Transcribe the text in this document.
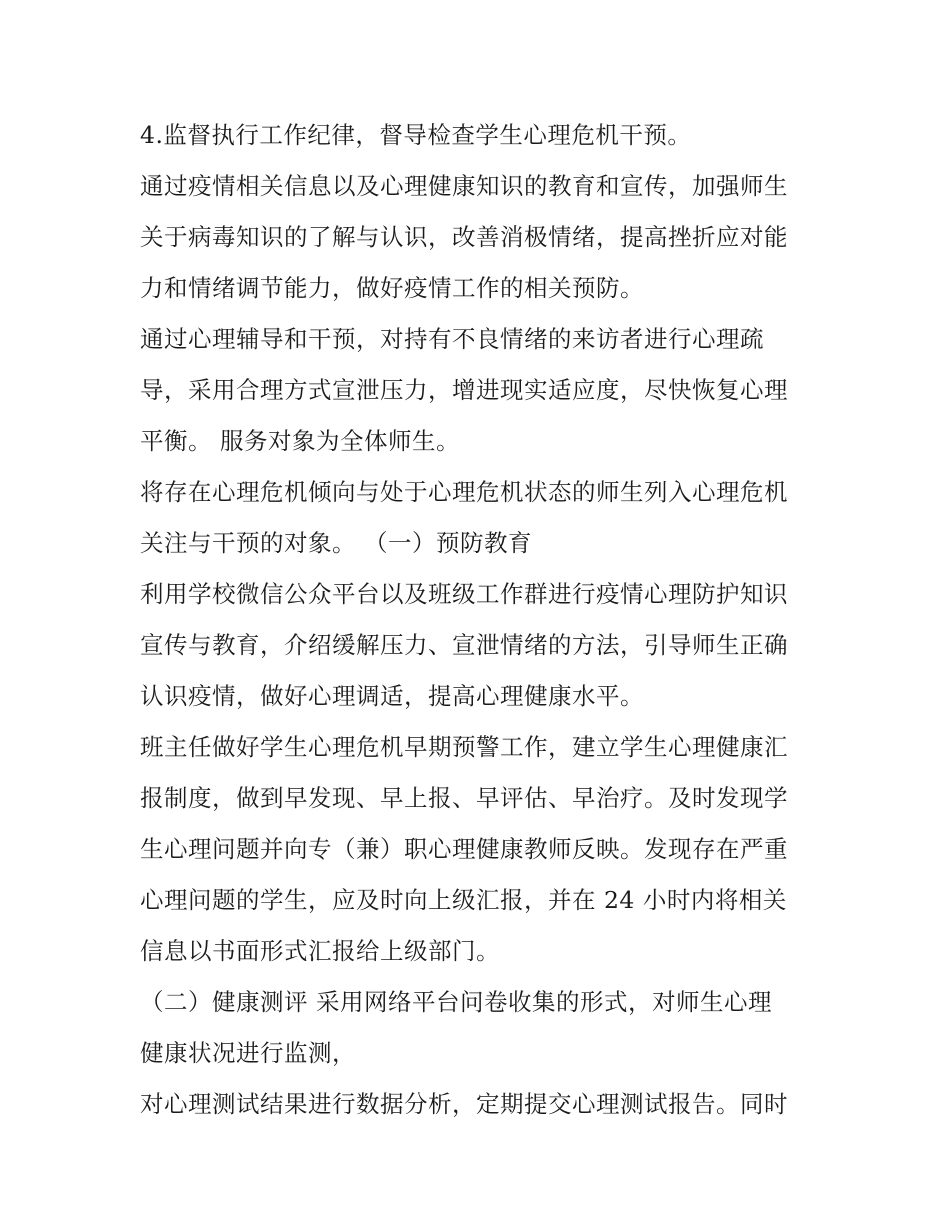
4.监督执行工作纪律，督导检查学生心理危机干预。
通过疫情相关信息以及心理健康知识的教育和宣传，加强师生
关于病毒知识的了解与认识，改善消极情绪，提高挫折应对能
力和情绪调节能力，做好疫情工作的相关预防。
通过心理辅导和干预，对持有不良情绪的来访者进行心理疏
导，采用合理方式宣泄压力，增进现实适应度，尽快恢复心理
平衡。 服务对象为全体师生。
将存在心理危机倾向与处于心理危机状态的师生列入心理危机
关注与干预的对象。 （一）预防教育
利用学校微信公众平台以及班级工作群进行疫情心理防护知识
宣传与教育，介绍缓解压力、宣泄情绪的方法，引导师生正确
认识疫情，做好心理调适，提高心理健康水平。
班主任做好学生心理危机早期预警工作，建立学生心理健康汇
报制度，做到早发现、早上报、早评估、早治疗。及时发现学
生心理问题并向专（兼）职心理健康教师反映。发现存在严重
心理问题的学生，应及时向上级汇报，并在 24 小时内将相关
信息以书面形式汇报给上级部门。
（二）健康测评 采用网络平台问卷收集的形式，对师生心理
健康状况进行监测，
对心理测试结果进行数据分析，定期提交心理测试报告。同时
